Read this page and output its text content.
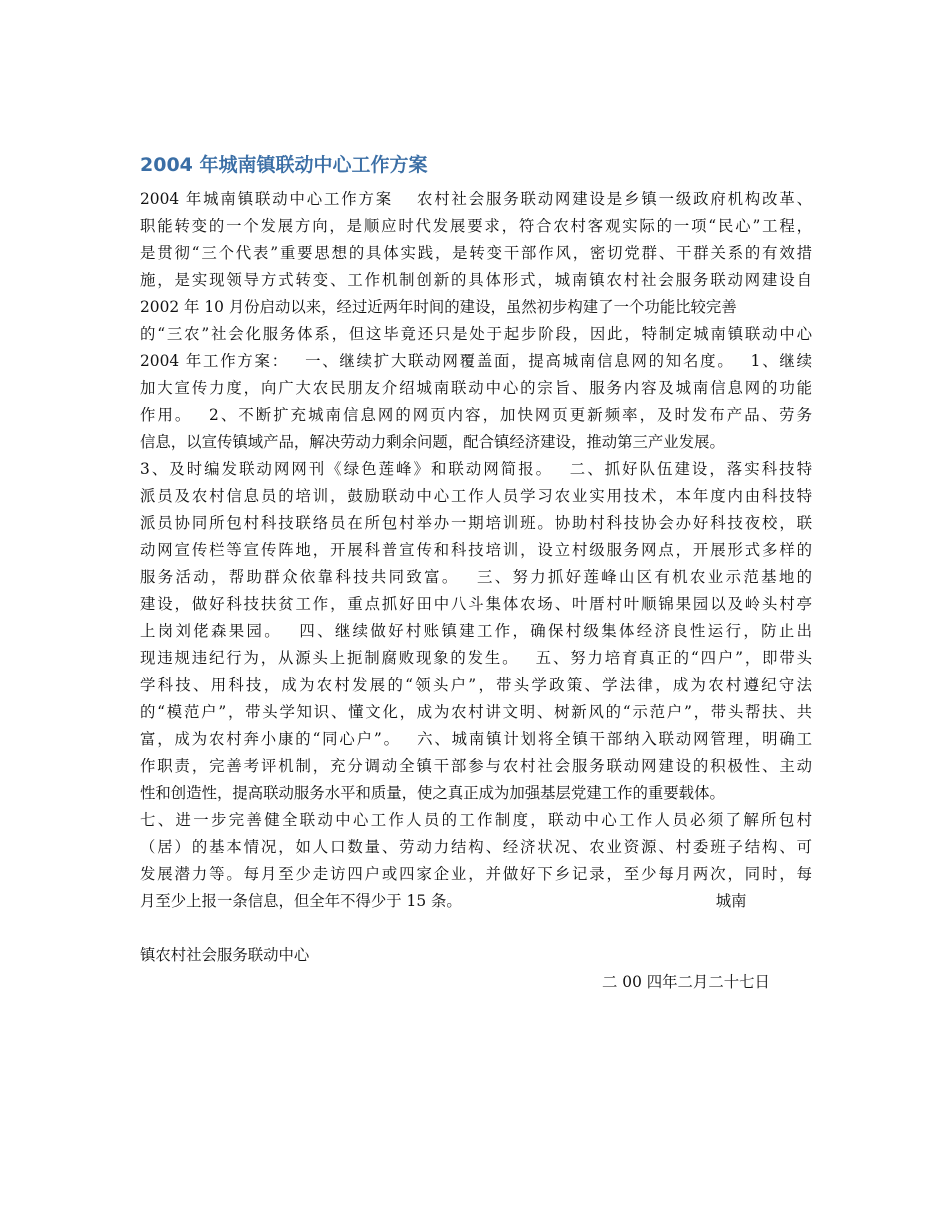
2004 年城南镇联动中心工作方案
2004 年城南镇联动中心工作方案　 农村社会服务联动网建设是乡镇一级政府机构改革、
职能转变的一个发展方向，是顺应时代发展要求，符合农村客观实际的一项“民心”工程，
是贯彻“三个代表”重要思想的具体实践，是转变干部作风，密切党群、干群关系的有效措
施，是实现领导方式转变、工作机制创新的具体形式，城南镇农村社会服务联动网建设自
2002 年 10 月份启动以来，经过近两年时间的建设，虽然初步构建了一个功能比较完善
的“三农”社会化服务体系，但这毕竟还只是处于起步阶段，因此，特制定城南镇联动中心
2004 年工作方案：　 一、继续扩大联动网覆盖面，提高城南信息网的知名度。　 1、继续
加大宣传力度，向广大农民朋友介绍城南联动中心的宗旨、服务内容及城南信息网的功能
作用。　 2、不断扩充城南信息网的网页内容，加快网页更新频率，及时发布产品、劳务
信息，以宣传镇域产品，解决劳动力剩余问题，配合镇经济建设，推动第三产业发展。
3、及时编发联动网网刊《绿色莲峰》和联动网简报。　 二、抓好队伍建设，落实科技特
派员及农村信息员的培训，鼓励联动中心工作人员学习农业实用技术，本年度内由科技特
派员协同所包村科技联络员在所包村举办一期培训班。协助村科技协会办好科技夜校，联
动网宣传栏等宣传阵地，开展科普宣传和科技培训，设立村级服务网点，开展形式多样的
服务活动，帮助群众依靠科技共同致富。　 三、努力抓好莲峰山区有机农业示范基地的
建设，做好科技扶贫工作，重点抓好田中八斗集体农场、叶厝村叶顺锦果园以及岭头村亭
上岗刘佬森果园。　 四、继续做好村账镇建工作，确保村级集体经济良性运行，防止出
现违规违纪行为，从源头上扼制腐败现象的发生。　 五、努力培育真正的“四户”，即带头
学科技、用科技，成为农村发展的“领头户”，带头学政策、学法律，成为农村遵纪守法
的“模范户”，带头学知识、懂文化，成为农村讲文明、树新风的“示范户”，带头帮扶、共
富，成为农村奔小康的“同心户”。　 六、城南镇计划将全镇干部纳入联动网管理，明确工
作职责，完善考评机制，充分调动全镇干部参与农村社会服务联动网建设的积极性、主动
性和创造性，提高联动服务水平和质量，使之真正成为加强基层党建工作的重要载体。
七、进一步完善健全联动中心工作人员的工作制度，联动中心工作人员必须了解所包村
（居）的基本情况，如人口数量、劳动力结构、经济状况、农业资源、村委班子结构、可
发展潜力等。每月至少走访四户或四家企业，并做好下乡记录，至少每月两次，同时，每
月至少上报一条信息，但全年不得少于 15 条。　　　　　　　　　　　　　　　　　城南

镇农村社会服务联动中心

二 00 四年二月二十七日
